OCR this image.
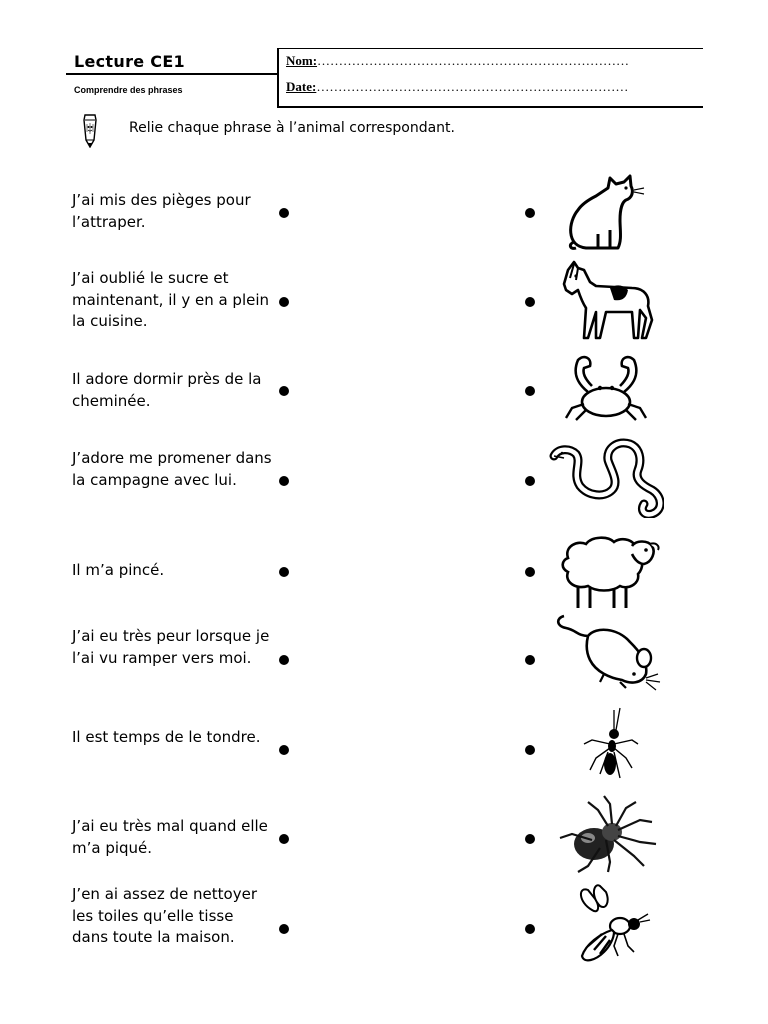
Lecture CE1
Comprendre des phrases
Nom:………………………………………………………………
Date:………………………………………………………………
Relie chaque phrase à l’animal correspondant.
J’ai mis des pièges pour l’attraper.
J’ai oublié le sucre et maintenant, il y en a plein la cuisine.
Il adore dormir près de la cheminée.
J’adore me promener dans la campagne avec lui.
Il m’a pincé.
J’ai eu très peur lorsque je l’ai vu ramper vers moi.
Il est temps de le tondre.
J’ai eu très mal quand elle m’a piqué.
J’en ai assez de nettoyer les toiles qu’elle tisse dans toute la maison.
